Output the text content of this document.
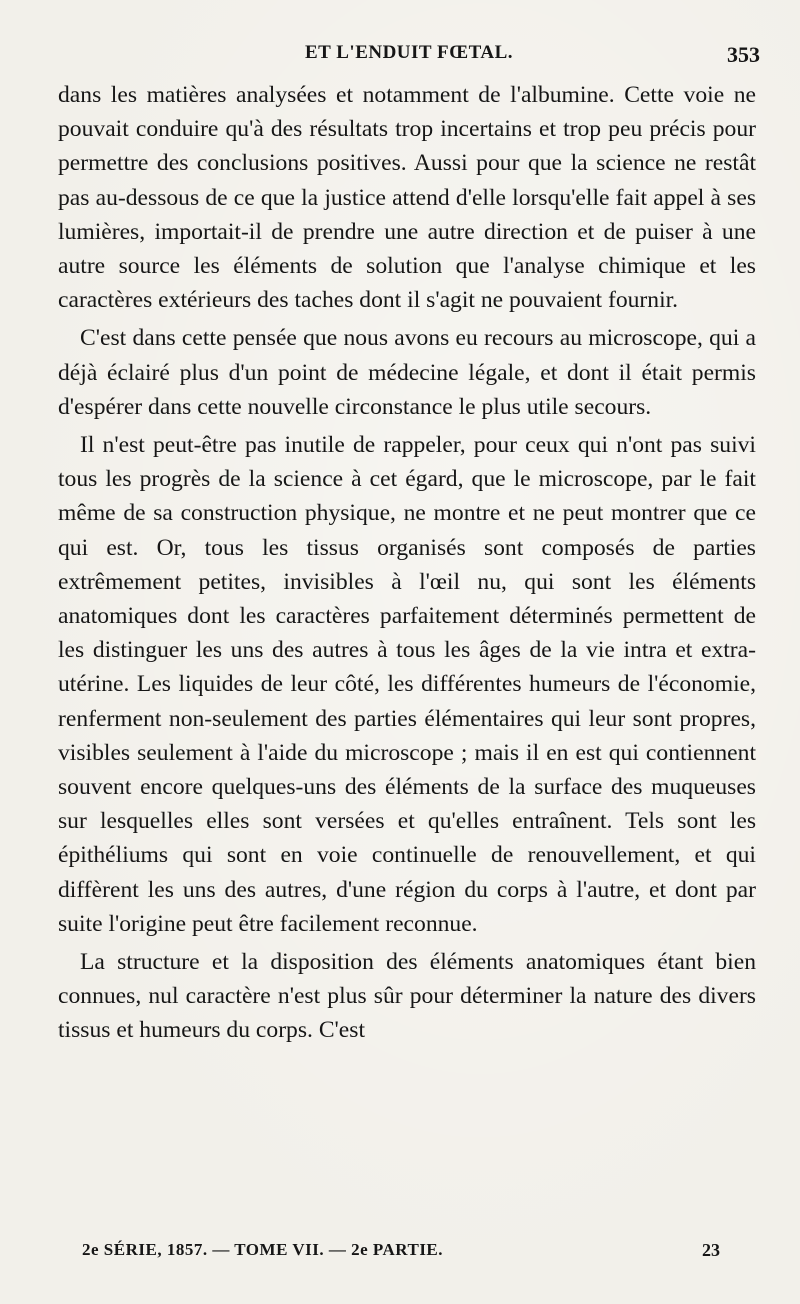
ET L'ENDUIT FŒTAL.	353

dans les matières analysées et notamment de l'albumine. Cette voie ne pouvait conduire qu'à des résultats trop incertains et trop peu précis pour permettre des conclusions positives. Aussi pour que la science ne restât pas au-dessous de ce que la justice attend d'elle lorsqu'elle fait appel à ses lumières, importait-il de prendre une autre direction et de puiser à une autre source les éléments de solution que l'analyse chimique et les caractères extérieurs des taches dont il s'agit ne pouvaient fournir.

C'est dans cette pensée que nous avons eu recours au microscope, qui a déjà éclairé plus d'un point de médecine légale, et dont il était permis d'espérer dans cette nouvelle circonstance le plus utile secours.

Il n'est peut-être pas inutile de rappeler, pour ceux qui n'ont pas suivi tous les progrès de la science à cet égard, que le microscope, par le fait même de sa construction physique, ne montre et ne peut montrer que ce qui est. Or, tous les tissus organisés sont composés de parties extrêmement petites, invisibles à l'œil nu, qui sont les éléments anatomiques dont les caractères parfaitement déterminés permettent de les distinguer les uns des autres à tous les âges de la vie intra et extra-utérine. Les liquides de leur côté, les différentes humeurs de l'économie, renferment non-seulement des parties élémentaires qui leur sont propres, visibles seulement à l'aide du microscope ; mais il en est qui contiennent souvent encore quelques-uns des éléments de la surface des muqueuses sur lesquelles elles sont versées et qu'elles entraînent. Tels sont les épithéliums qui sont en voie continuelle de renouvellement, et qui diffèrent les uns des autres, d'une région du corps à l'autre, et dont par suite l'origine peut être facilement reconnue.

La structure et la disposition des éléments anatomiques étant bien connues, nul caractère n'est plus sûr pour déterminer la nature des divers tissus et humeurs du corps. C'est

2e SÉRIE, 1857. — TOME VII. — 2e PARTIE.	23
